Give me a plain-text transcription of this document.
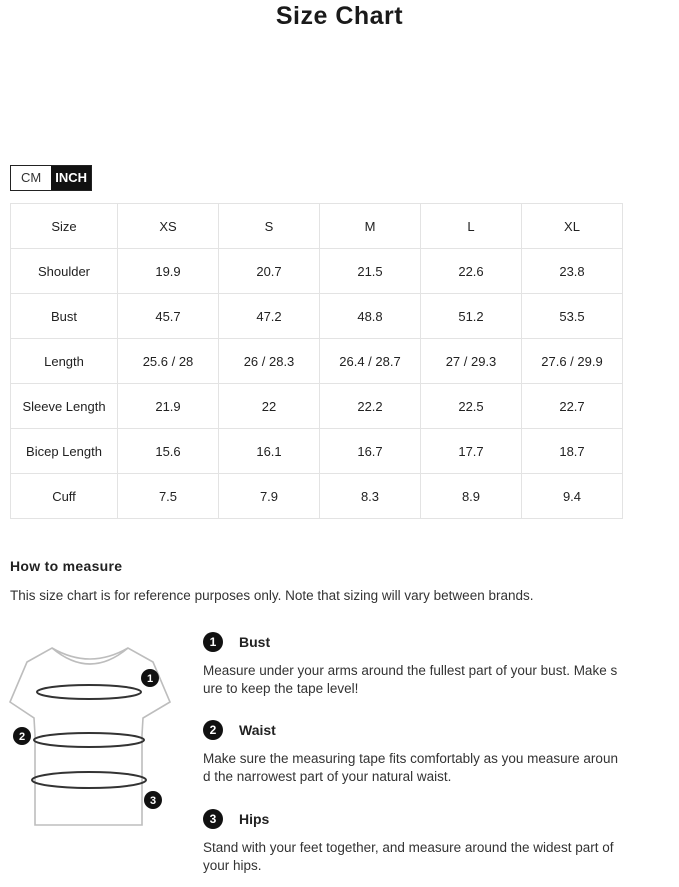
Size Chart
CM	INCH
Size	XS	S	M	L	XL
Shoulder	19.9	20.7	21.5	22.6	23.8
Bust	45.7	47.2	48.8	51.2	53.5
Length	25.6 / 28	26 / 28.3	26.4 / 28.7	27 / 29.3	27.6 / 29.9
Sleeve Length	21.9	22	22.2	22.5	22.7
Bicep Length	15.6	16.1	16.7	17.7	18.7
Cuff	7.5	7.9	8.3	8.9	9.4
How to measure
This size chart is for reference purposes only. Note that sizing will vary between brands.
1
2
3
1	Bust
Measure under your arms around the fullest part of your bust. Make s
ure to keep the tape level!
2	Waist
Make sure the measuring tape fits comfortably as you measure aroun
d the narrowest part of your natural waist.
3	Hips
Stand with your feet together, and measure around the widest part of
your hips.
